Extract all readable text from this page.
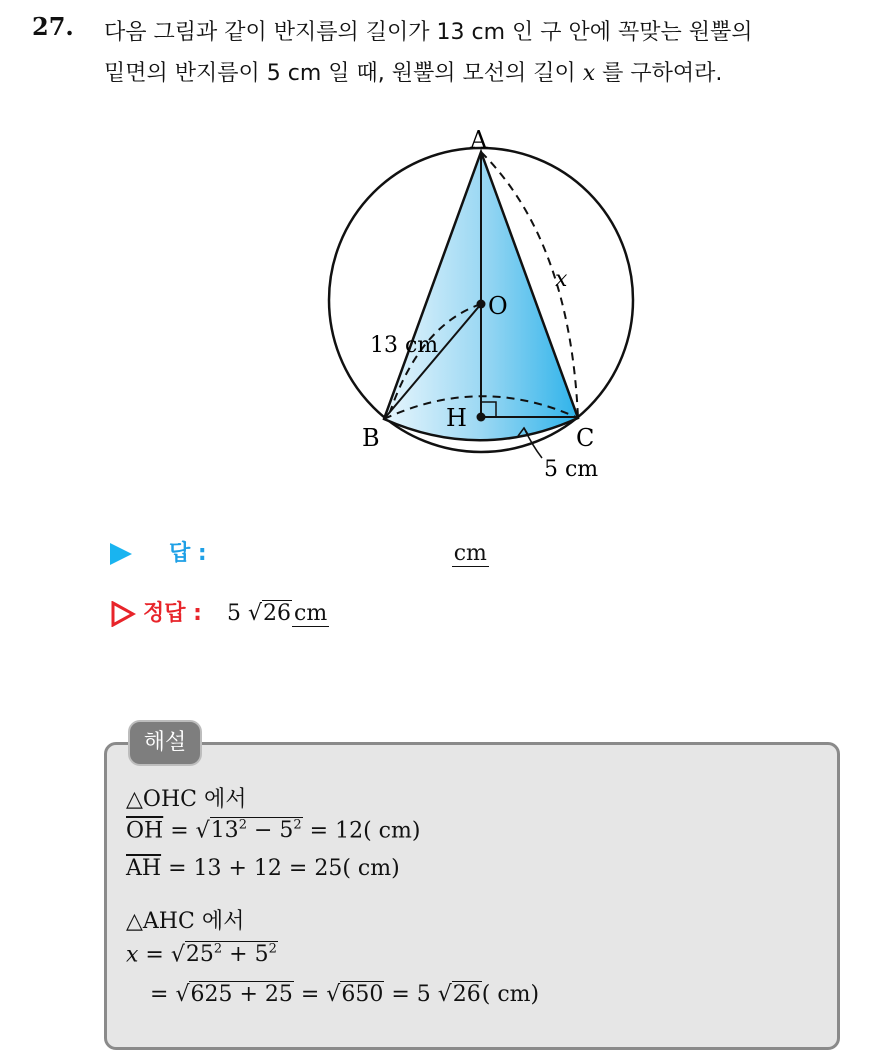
27. 다음 그림과 같이 반지름의 길이가 13 cm 인 구 안에 꼭맞는 원뿔의
밑면의 반지름이 5 cm 일 때, 원뿔의 모선의 길이 x 를 구하여라.
A
O
x
13 cm
H
B	C
5 cm
답 :	cm
정답 : 5 √26 cm
해설
△OHC 에서
$\overline{OH} = √13^2 - 5^2 = 12$( cm)
$\overline{AH} = 13 + 12 = 25$( cm)
△AHC 에서
$x = √25^2 + 5^2$
= √625 + 25 = √650 = 5 √26( cm)
